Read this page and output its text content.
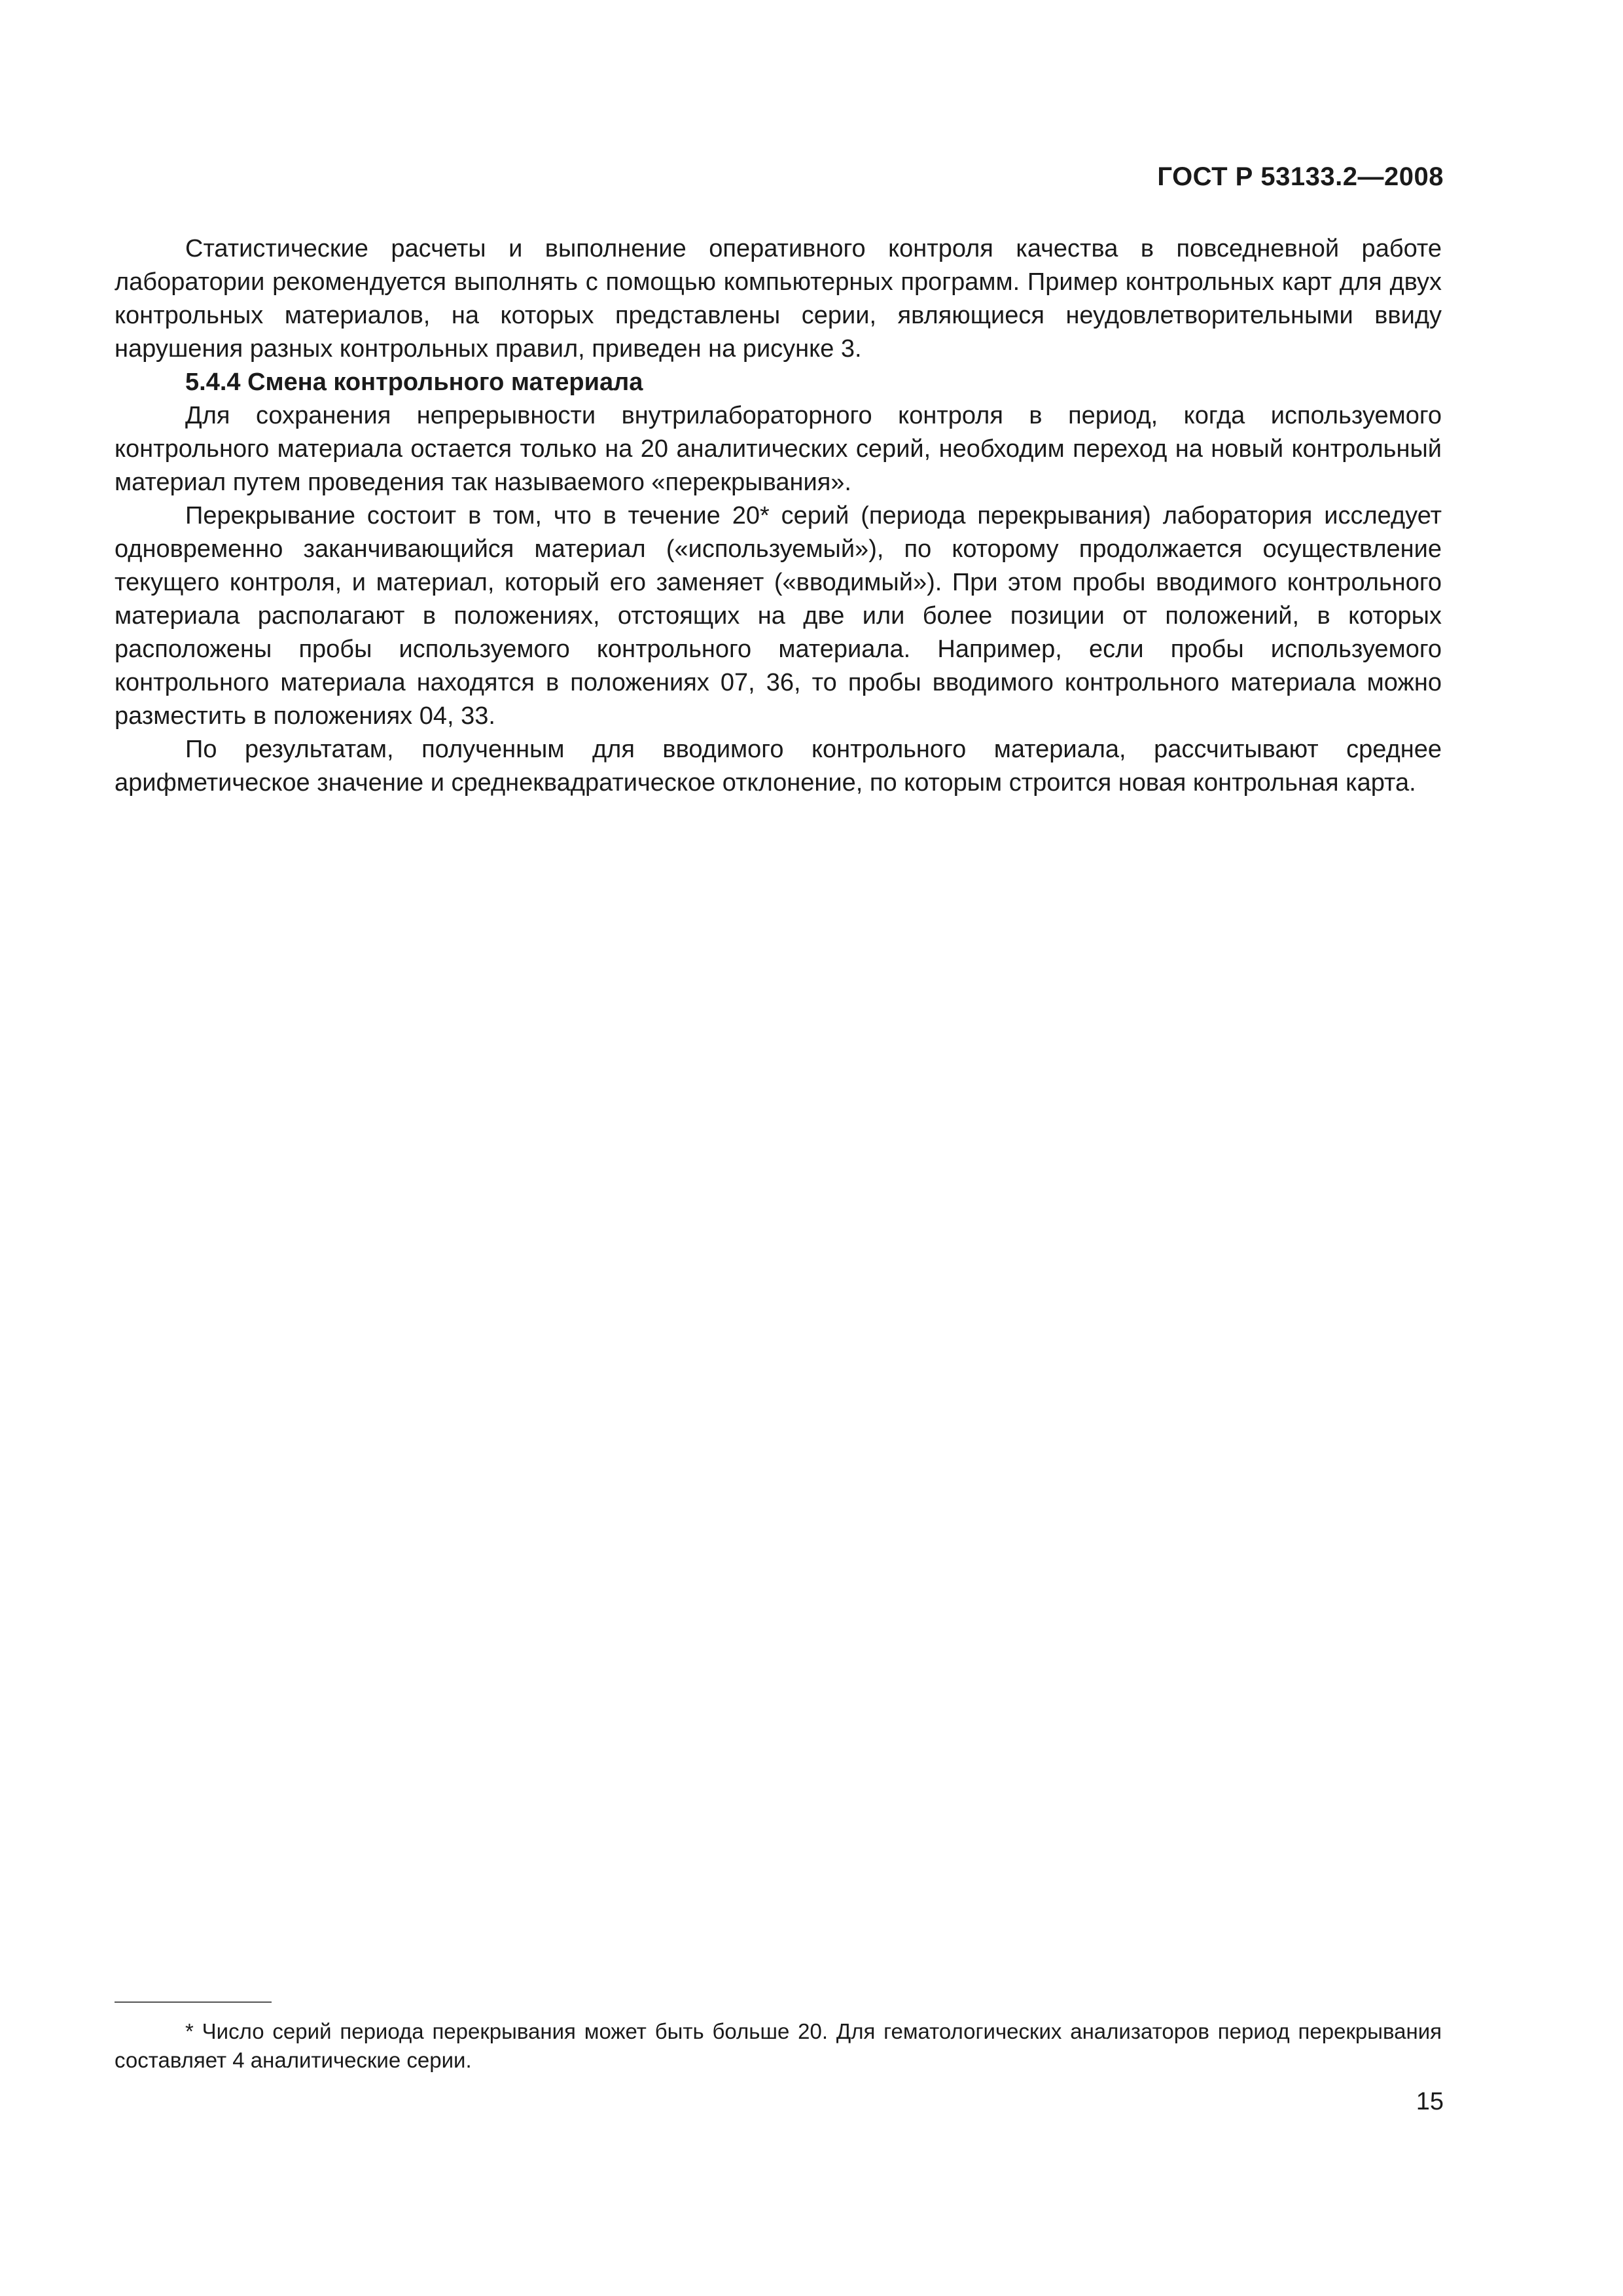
ГОСТ Р 53133.2—2008

Статистические расчеты и выполнение оперативного контроля качества в повседневной работе лаборатории рекомендуется выполнять с помощью компьютерных программ. Пример контрольных карт для двух контрольных материалов, на которых представлены серии, являющиеся неудовлетворительными ввиду нарушения разных контрольных правил, приведен на рисунке 3.

5.4.4 Смена контрольного материала

Для сохранения непрерывности внутрилабораторного контроля в период, когда используемого контрольного материала остается только на 20 аналитических серий, необходим переход на новый контрольный материал путем проведения так называемого «перекрывания».

Перекрывание состоит в том, что в течение 20* серий (периода перекрывания) лаборатория исследует одновременно заканчивающийся материал («используемый»), по которому продолжается осуществление текущего контроля, и материал, который его заменяет («вводимый»). При этом пробы вводимого контрольного материала располагают в положениях, отстоящих на две или более позиции от положений, в которых расположены пробы используемого контрольного материала. Например, если пробы используемого контрольного материала находятся в положениях 07, 36, то пробы вводимого контрольного материала можно разместить в положениях 04, 33.

По результатам, полученным для вводимого контрольного материала, рассчитывают среднее арифметическое значение и среднеквадратическое отклонение, по которым строится новая контрольная карта.

* Число серий периода перекрывания может быть больше 20. Для гематологических анализаторов период перекрывания составляет 4 аналитические серии.

15
